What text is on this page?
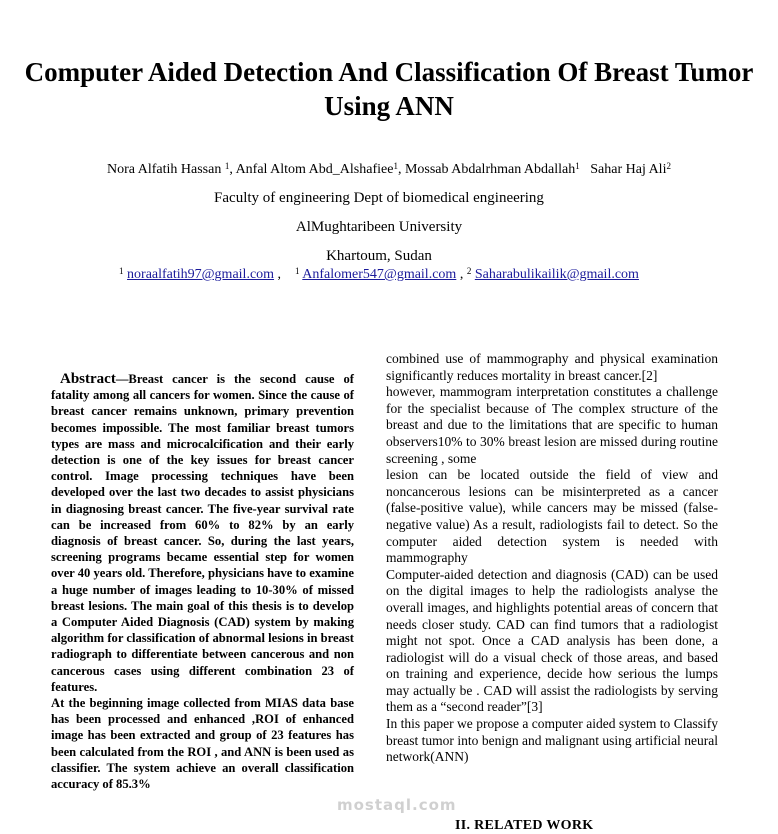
Computer Aided Detection And Classification Of Breast Tumor Using ANN
Nora Alfatih Hassan $^1$, Anfal Altom Abd_Alshafiee$^1$, Mossab Abdalrhman Abdallah$^1$ Sahar Haj Ali$^2$
Faculty of engineering Dept of biomedical engineering
AlMughtaribeen University
Khartoum, Sudan
$^1$ noraalfatih97@gmail.com ,    $^1$ Anfalomer547@gmail.com , $^2$ Saharabulikailik@gmail.com

Abstract—Breast cancer is the second cause of fatality among all cancers for women. Since the cause of breast cancer remains unknown, primary prevention becomes impossible. The most familiar breast tumors types are mass and microcalcification and their early detection is one of the key issues for breast cancer control. Image processing techniques have been developed over the last two decades to assist physicians in diagnosing breast cancer. The five-year survival rate can be increased from 60% to 82% by an early diagnosis of breast cancer. So, during the last years, screening programs became essential step for women over 40 years old. Therefore, physicians have to examine a huge number of images leading to 10-30% of missed breast lesions. The main goal of this thesis is to develop a Computer Aided Diagnosis (CAD) system by making algorithm for classification of abnormal lesions in breast radiograph to differentiate between cancerous and non cancerous cases using different combination 23 of features.

At the beginning image collected from MIAS data base has been processed and enhanced ,ROI of enhanced image has been extracted and group of 23 features has been calculated from the ROI , and ANN is been used as classifier. The system achieve an overall classification accuracy of 85.3%

combined use of mammography and physical examination significantly reduces mortality in breast cancer.[2]

however, mammogram interpretation constitutes a challenge for the specialist because of The complex structure of the breast and due to the limitations that are specific to human observers10% to 30% breast lesion are missed during routine screening , some

lesion can be located outside the field of view and noncancerous lesions can be misinterpreted as a cancer (false-positive value), while cancers may be missed (false-negative value) As a result, radiologists fail to detect. So the computer aided detection system is needed with mammography

Computer-aided detection and diagnosis (CAD) can be used on the digital images to help the radiologists analyse the overall images, and highlights potential areas of concern that needs closer study. CAD can find tumors that a radiologist might not spot. Once a CAD analysis has been done, a radiologist will do a visual check of those areas, and based on training and experience, decide how serious the lumps may actually be . CAD will assist the radiologists by serving them as a “second reader”[3]

In this paper we propose a computer aided system to Classify breast tumor into benign and malignant using artificial neural network(ANN)

mostaql.com
II. RELATED WORK
